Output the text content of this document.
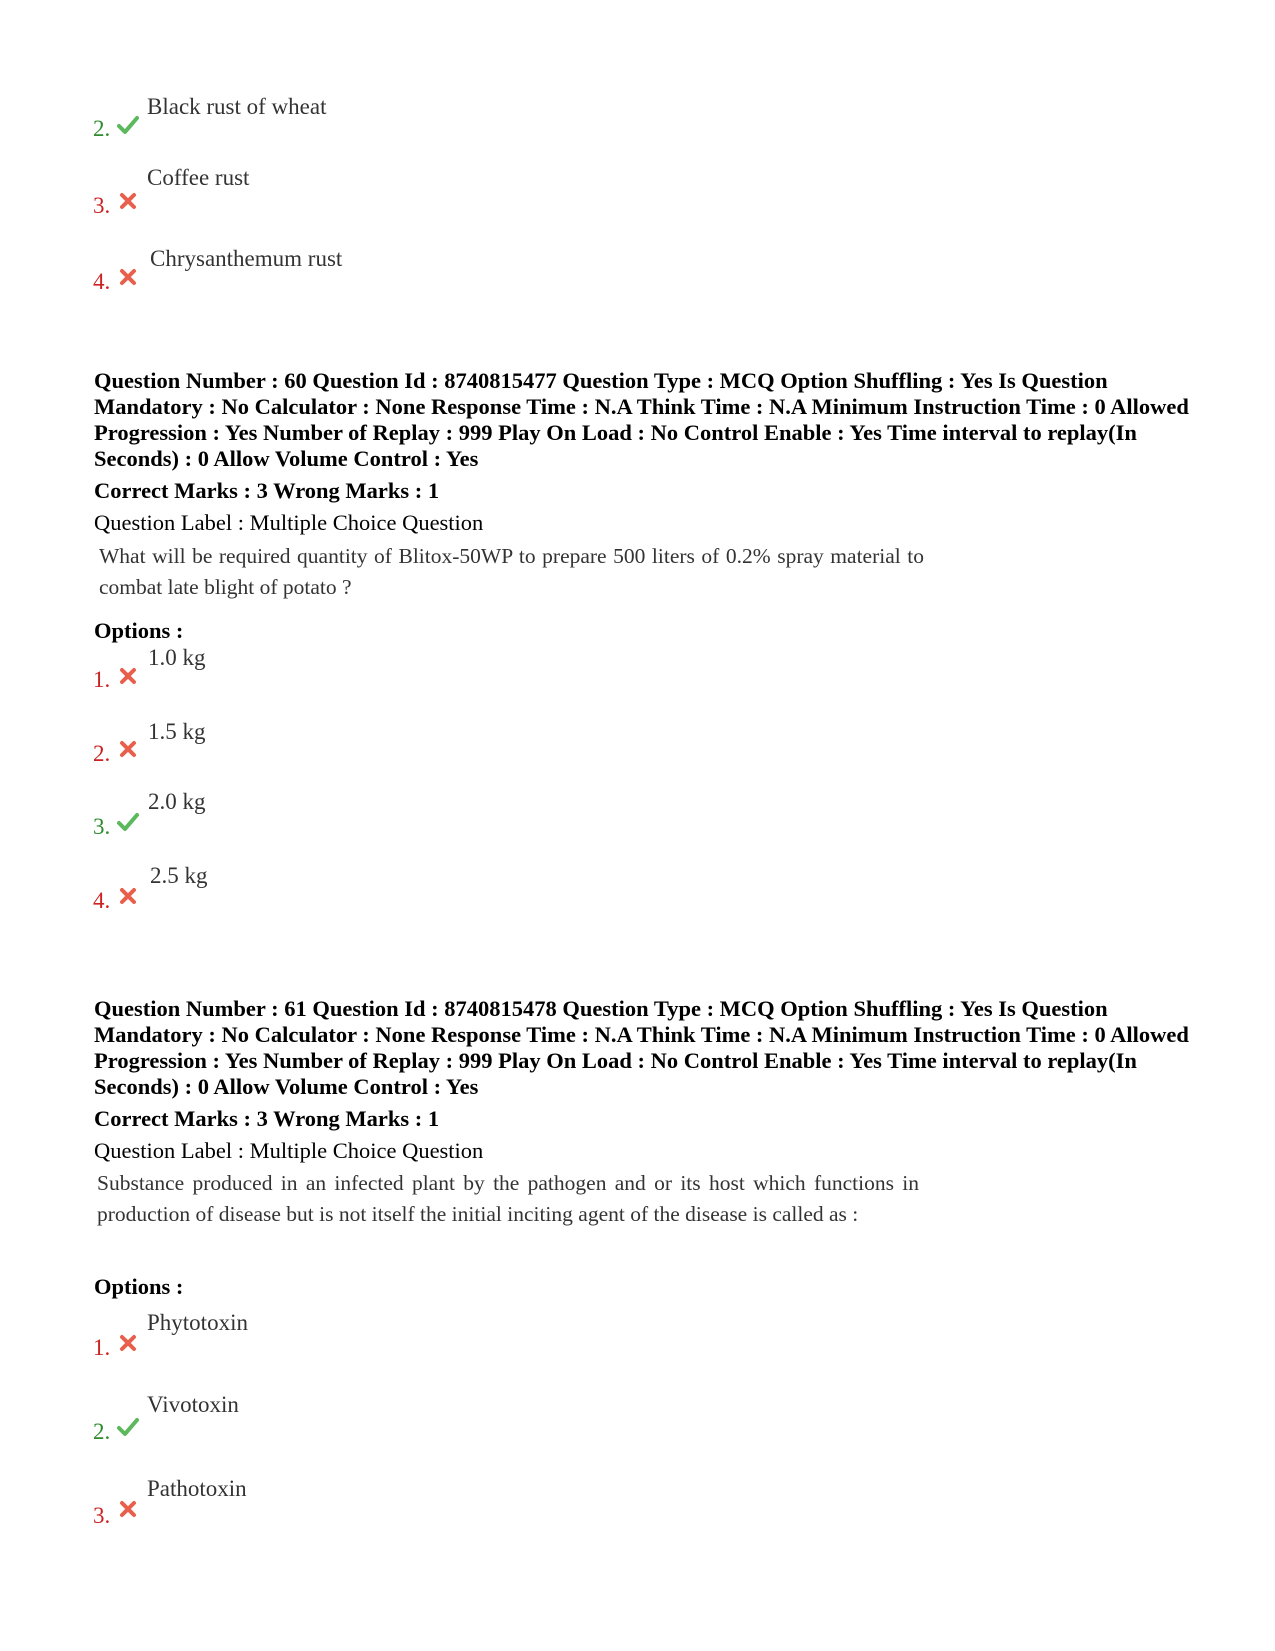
2.
Black rust of wheat
3.
Coffee rust
4.
Chrysanthemum rust
Question Number : 60 Question Id : 8740815477 Question Type : MCQ Option Shuffling : Yes Is Question Mandatory : No Calculator : None Response Time : N.A Think Time : N.A Minimum Instruction Time : 0 Allowed Progression : Yes Number of Replay : 999 Play On Load : No Control Enable : Yes Time interval to replay(In Seconds) : 0 Allow Volume Control : Yes
Correct Marks : 3 Wrong Marks : 1
Question Label : Multiple Choice Question
What will be required quantity of Blitox-50WP to prepare 500 liters of 0.2% spray material to combat late blight of potato ?
Options :
1.
1.0 kg
2.
1.5 kg
3.
2.0 kg
4.
2.5 kg
Question Number : 61 Question Id : 8740815478 Question Type : MCQ Option Shuffling : Yes Is Question Mandatory : No Calculator : None Response Time : N.A Think Time : N.A Minimum Instruction Time : 0 Allowed Progression : Yes Number of Replay : 999 Play On Load : No Control Enable : Yes Time interval to replay(In Seconds) : 0 Allow Volume Control : Yes
Correct Marks : 3 Wrong Marks : 1
Question Label : Multiple Choice Question
Substance produced in an infected plant by the pathogen and or its host which functions in production of disease but is not itself the initial inciting agent of the disease is called as :
Options :
1.
Phytotoxin
2.
Vivotoxin
3.
Pathotoxin
